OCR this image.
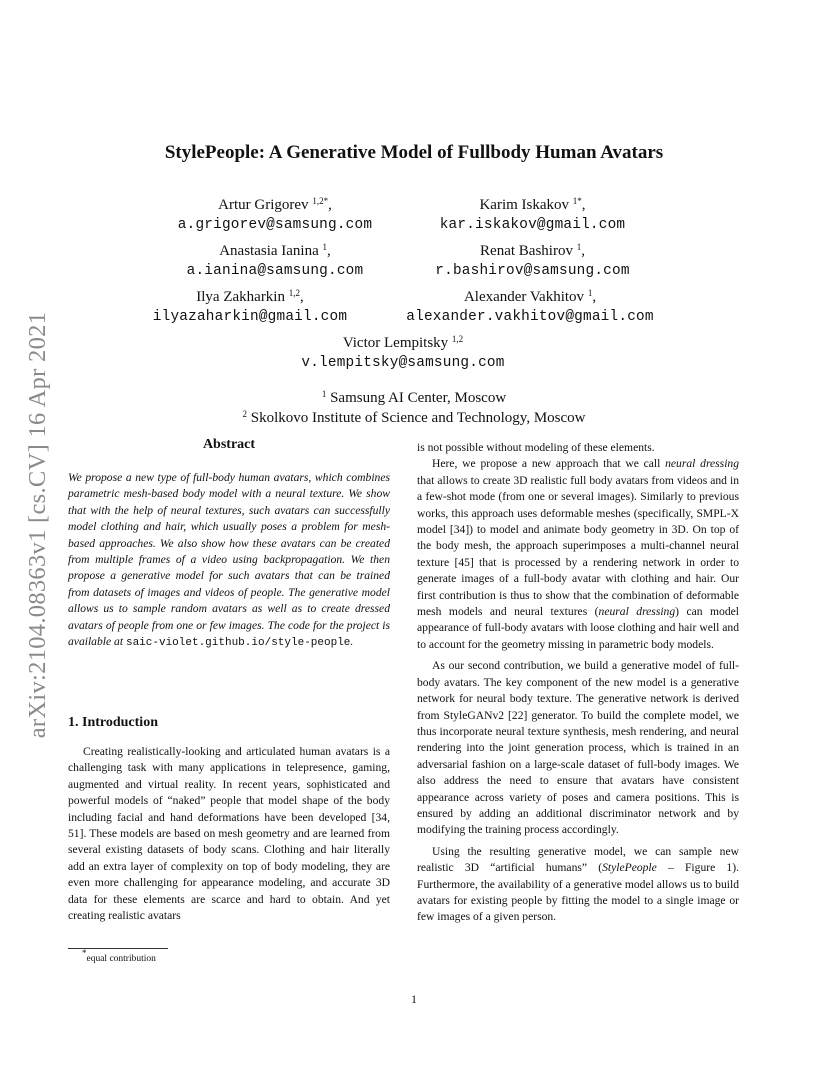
arXiv:2104.08363v1 [cs.CV] 16 Apr 2021
StylePeople: A Generative Model of Fullbody Human Avatars
Artur Grigorev $^{1,2*}$,
a.grigorev@samsung.com
Karim Iskakov $^{1*}$,
kar.iskakov@gmail.com
Anastasia Ianina $^1$,
a.ianina@samsung.com
Renat Bashirov $^1$,
r.bashirov@samsung.com
Ilya Zakharkin $^{1,2}$,
ilyazaharkin@gmail.com
Alexander Vakhitov $^1$,
alexander.vakhitov@gmail.com
Victor Lempitsky $^{1,2}$
v.lempitsky@samsung.com
$^1$ Samsung AI Center, Moscow
$^2$ Skolkovo Institute of Science and Technology, Moscow
Abstract

We propose a new type of full-body human avatars, which combines parametric mesh-based body model with a neural texture. We show that with the help of neural textures, such avatars can successfully model clothing and hair, which usually poses a problem for mesh-based approaches. We also show how these avatars can be created from multiple frames of a video using backpropagation. We then propose a generative model for such avatars that can be trained from datasets of images and videos of people. The generative model allows us to sample random avatars as well as to create dressed avatars of people from one or few images. The code for the project is available at saic-violet.github.io/style-people.

1. Introduction

Creating realistically-looking and articulated human avatars is a challenging task with many applications in telepresence, gaming, augmented and virtual reality. In recent years, sophisticated and powerful models of “naked” people that model shape of the body including facial and hand deformations have been developed [34, 51]. These models are based on mesh geometry and are learned from several existing datasets of body scans. Clothing and hair literally add an extra layer of complexity on top of body modeling, they are even more challenging for appearance modeling, and accurate 3D data for these elements are scarce and hard to obtain. And yet creating realistic avatars

is not possible without modeling of these elements.

Here, we propose a new approach that we call neural dressing that allows to create 3D realistic full body avatars from videos and in a few-shot mode (from one or several images). Similarly to previous works, this approach uses deformable meshes (specifically, SMPL-X model [34]) to model and animate body geometry in 3D. On top of the body mesh, the approach superimposes a multi-channel neural texture [45] that is processed by a rendering network in order to generate images of a full-body avatar with clothing and hair. Our first contribution is thus to show that the combination of deformable mesh models and neural textures (neural dressing) can model appearance of full-body avatars with loose clothing and hair well and to account for the geometry missing in parametric body models.

As our second contribution, we build a generative model of full-body avatars. The key component of the new model is a generative network for neural body texture. The generative network is derived from StyleGANv2 [22] generator. To build the complete model, we thus incorporate neural texture synthesis, mesh rendering, and neural rendering into the joint generation process, which is trained in an adversarial fashion on a large-scale dataset of full-body images. We also address the need to ensure that avatars have consistent appearance across variety of poses and camera positions. This is ensured by adding an additional discriminator network and by modifying the training process accordingly.

Using the resulting generative model, we can sample new realistic 3D “artificial humans” (StylePeople – Figure 1). Furthermore, the availability of a generative model allows us to build avatars for existing people by fitting the model to a single image or few images of a given person.

*equal contribution
1
